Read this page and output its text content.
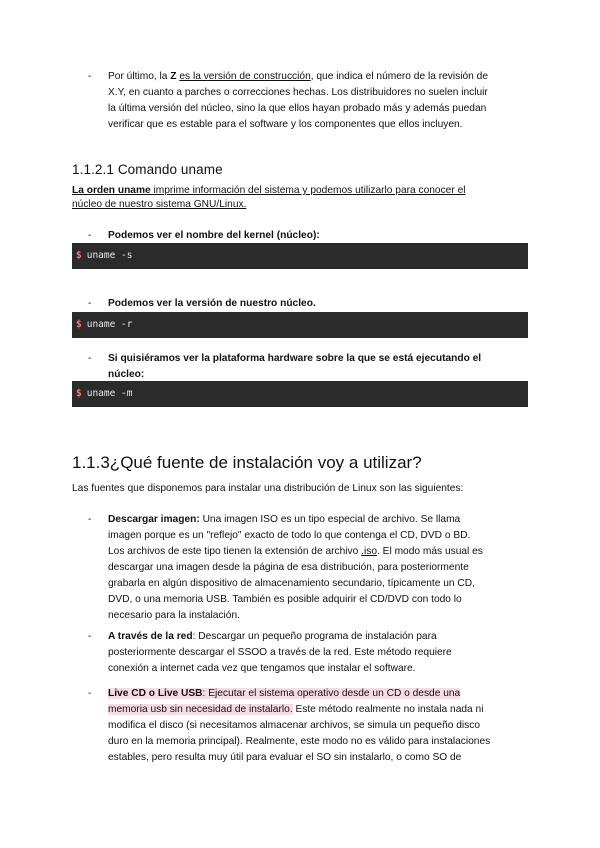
- Por último, la Z es la versión de construcción, que indica el número de la revisión de
X.Y, en cuanto a parches o correcciones hechas. Los distribuidores no suelen incluir
la última versión del núcleo, sino la que ellos hayan probado más y además puedan
verificar que es estable para el software y los componentes que ellos incluyen.
1.1.2.1 Comando uname
La orden uname imprime información del sistema y podemos utilizarlo para conocer el
núcleo de nuestro sistema GNU/Linux.
- Podemos ver el nombre del kernel (núcleo):
$ uname -s
- Podemos ver la versión de nuestro núcleo.
$ uname -r
- Si quisiéramos ver la plataforma hardware sobre la que se está ejecutando el
núcleo:
$ uname -m
1.1.3¿Qué fuente de instalación voy a utilizar?
Las fuentes que disponemos para instalar una distribución de Linux son las siguientes:
- Descargar imagen: Una imagen ISO es un tipo especial de archivo. Se llama
imagen porque es un "reflejo" exacto de todo lo que contenga el CD, DVD o BD.
Los archivos de este tipo tienen la extensión de archivo .iso. El modo más usual es
descargar una imagen desde la página de esa distribución, para posteriormente
grabarla en algún dispositivo de almacenamiento secundario, típicamente un CD,
DVD, o una memoria USB. También es posible adquirir el CD/DVD con todo lo
necesario para la instalación.
- A través de la red: Descargar un pequeño programa de instalación para
posteriormente descargar el SSOO a través de la red. Este método requiere
conexión a internet cada vez que tengamos que instalar el software.
- Live CD o Live USB: Ejecutar el sistema operativo desde un CD o desde una
memoria usb sin necesidad de instalarlo. Este método realmente no instala nada ni
modifica el disco (si necesitamos almacenar archivos, se simula un pequeño disco
duro en la memoria principal). Realmente, este modo no es válido para instalaciones
estables, pero resulta muy útil para evaluar el SO sin instalarlo, o como SO de
